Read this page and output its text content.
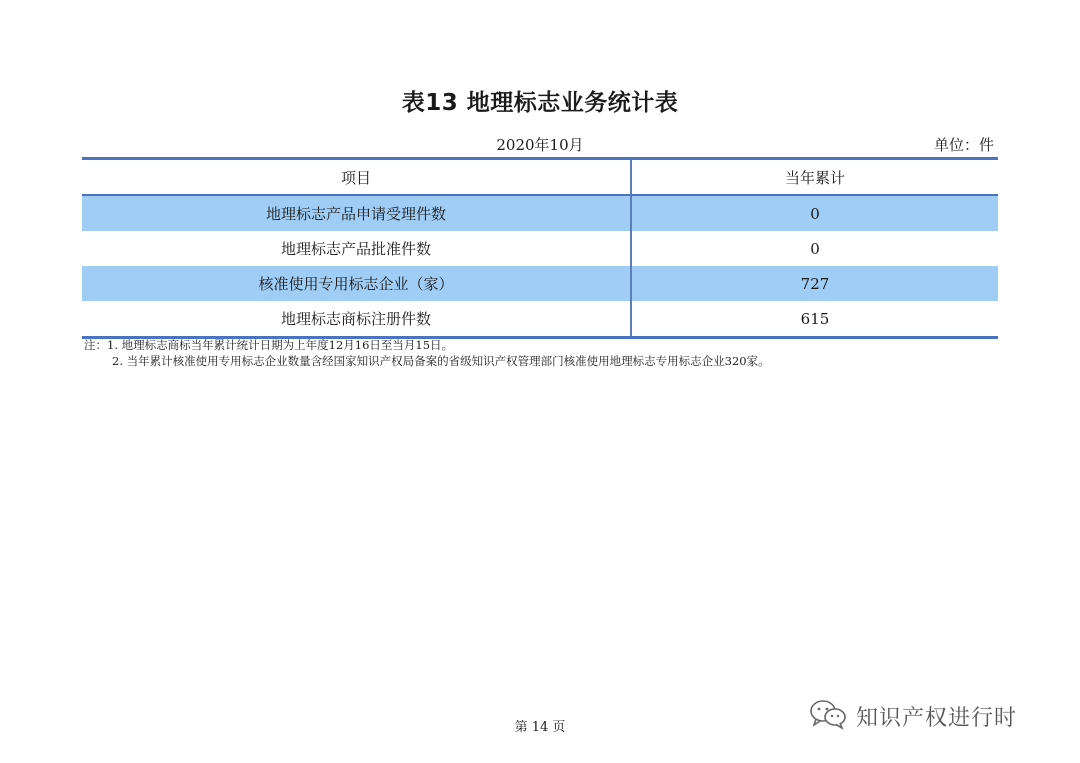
表13 地理标志业务统计表
2020年10月	单位：件
项目	当年累计
地理标志产品申请受理件数	0
地理标志产品批准件数	0
核准使用专用标志企业（家）	727
地理标志商标注册件数	615
注：1. 地理标志商标当年累计统计日期为上年度12月16日至当月15日。
2. 当年累计核准使用专用标志企业数量含经国家知识产权局备案的省级知识产权管理部门核准使用地理标志专用标志企业320家。
第 14 页	知识产权进行时
